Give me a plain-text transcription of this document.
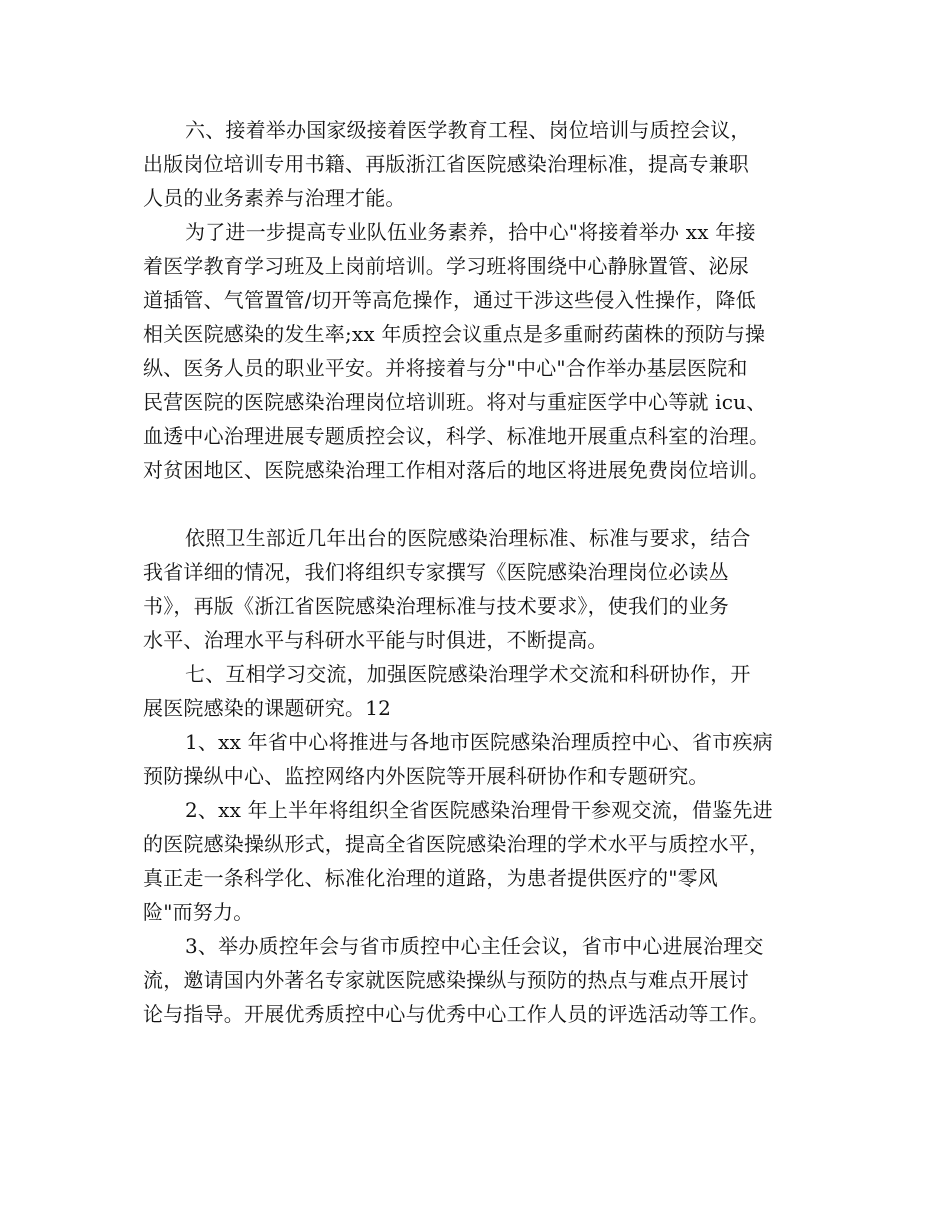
六、接着举办国家级接着医学教育工程、岗位培训与质控会议，
出版岗位培训专用书籍、再版浙江省医院感染治理标准，提高专兼职
人员的业务素养与治理才能。

为了进一步提高专业队伍业务素养，拾中心"将接着举办 xx 年接
着医学教育学习班及上岗前培训。学习班将围绕中心静脉置管、泌尿
道插管、气管置管/切开等高危操作，通过干涉这些侵入性操作，降低
相关医院感染的发生率;xx 年质控会议重点是多重耐药菌株的预防与操
纵、医务人员的职业平安。并将接着与分"中心"合作举办基层医院和
民营医院的医院感染治理岗位培训班。将对与重症医学中心等就 icu、
血透中心治理进展专题质控会议，科学、标准地开展重点科室的治理。
对贫困地区、医院感染治理工作相对落后的地区将进展免费岗位培训。

依照卫生部近几年出台的医院感染治理标准、标准与要求，结合
我省详细的情况，我们将组织专家撰写《医院感染治理岗位必读丛
书》，再版《浙江省医院感染治理标准与技术要求》，使我们的业务
水平、治理水平与科研水平能与时俱进，不断提高。

七、互相学习交流，加强医院感染治理学术交流和科研协作，开
展医院感染的课题研究。12

1、xx 年省中心将推进与各地市医院感染治理质控中心、省市疾病
预防操纵中心、监控网络内外医院等开展科研协作和专题研究。

2、xx 年上半年将组织全省医院感染治理骨干参观交流，借鉴先进
的医院感染操纵形式，提高全省医院感染治理的学术水平与质控水平，
真正走一条科学化、标准化治理的道路，为患者提供医疗的"零风
险"而努力。

3、举办质控年会与省市质控中心主任会议，省市中心进展治理交
流，邀请国内外著名专家就医院感染操纵与预防的热点与难点开展讨
论与指导。开展优秀质控中心与优秀中心工作人员的评选活动等工作。
